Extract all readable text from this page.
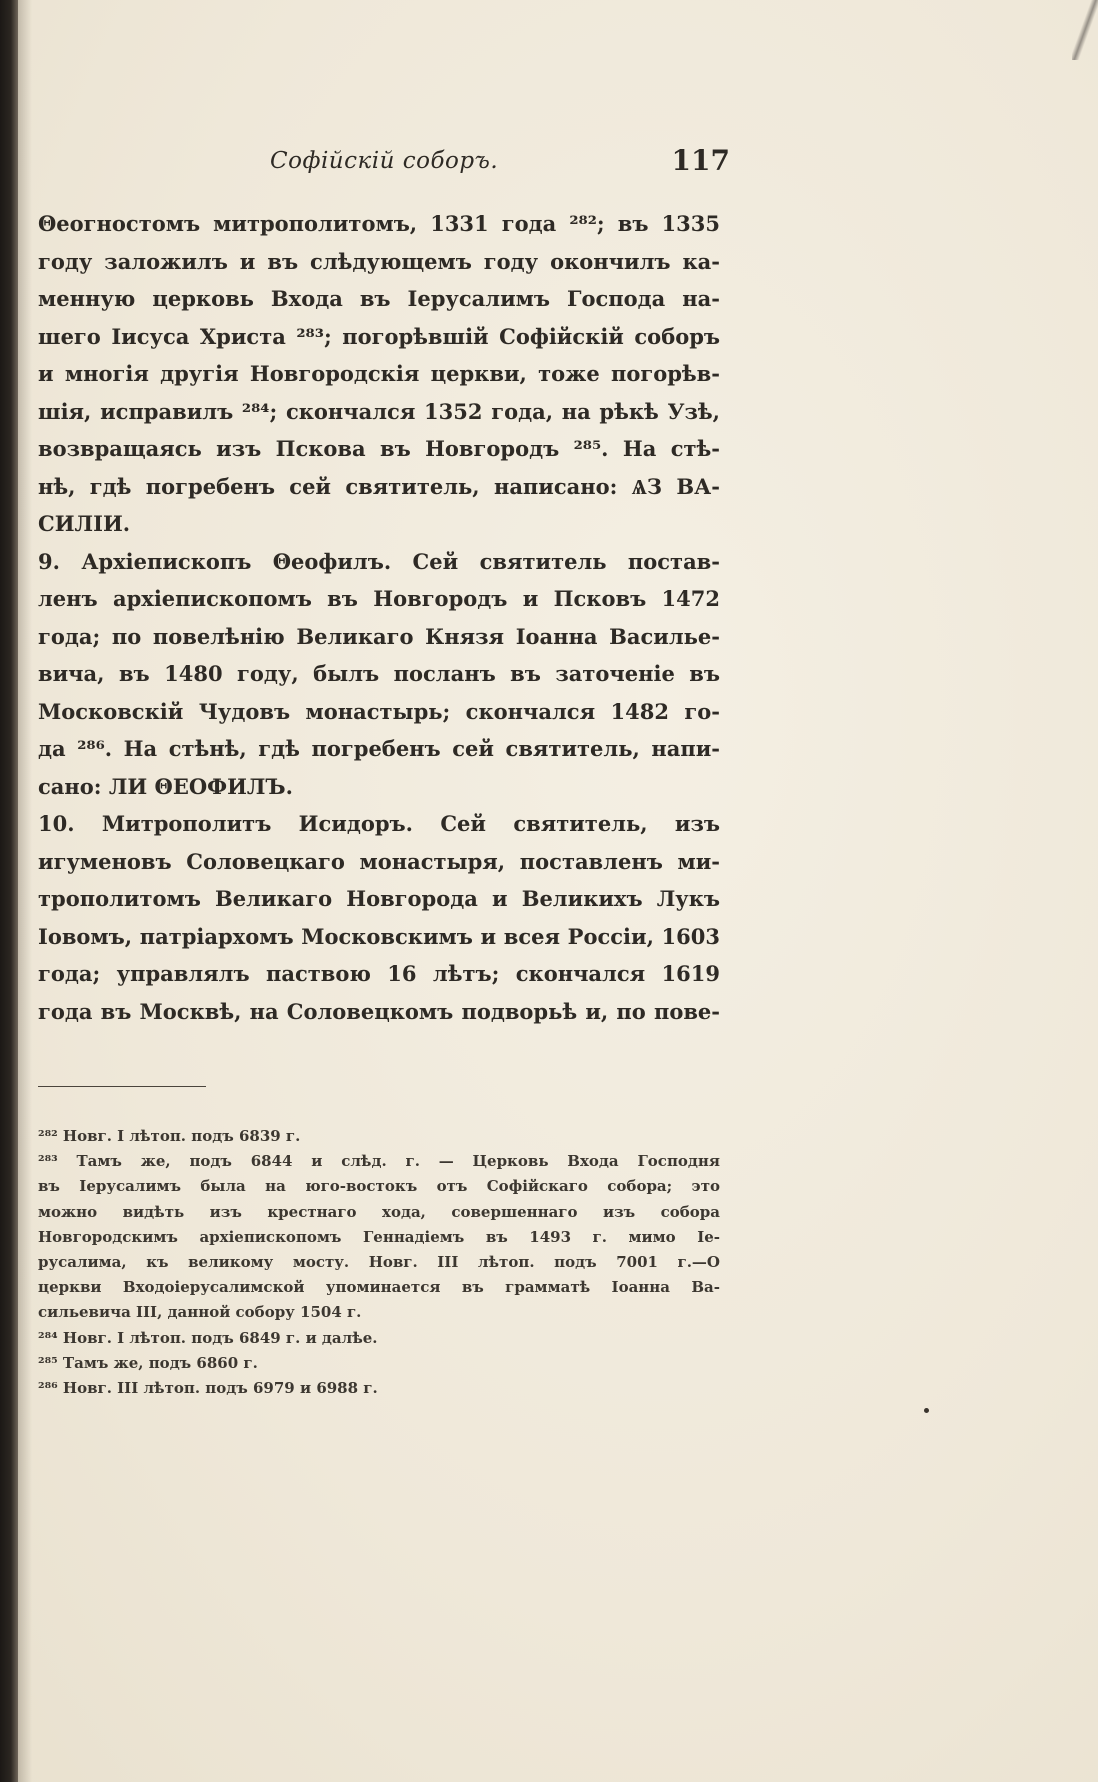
Софійскій соборъ.	117
Θеогностомъ митрополитомъ, 1331 года ²⁸²; въ 1335
году заложилъ и въ слѣдующемъ году окончилъ ка-
менную церковь Входа въ Іерусалимъ Господа на-
шего Іисуса Христа ²⁸³; погорѣвшій Софійскій соборъ
и многія другія Новгородскія церкви, тоже погорѣв-
шія, исправилъ ²⁸⁴; скончался 1352 года, на рѣкѣ Узѣ,
возвращаясь изъ Пскова въ Новгородъ ²⁸⁵. На стѣ-
нѣ, гдѣ погребенъ сей святитель, написано: ѦЗ ВА-
СИЛІИ.
9. Архіепископъ Θеофилъ. Сей святитель постав-
ленъ архіепископомъ въ Новгородъ и Псковъ 1472
года; по повелѣнію Великаго Князя Іоанна Василье-
вича, въ 1480 году, былъ посланъ въ заточеніе въ
Московскій Чудовъ монастырь; скончался 1482 го-
да ²⁸⁶. На стѣнѣ, гдѣ погребенъ сей святитель, напи-
сано: ЛИ ΘЕОФИЛЪ.
10. Митрополитъ Исидоръ. Сей святитель, изъ
игуменовъ Соловецкаго монастыря, поставленъ ми-
трополитомъ Великаго Новгорода и Великихъ Лукъ
Іовомъ, патріархомъ Московскимъ и всея Россіи, 1603
года; управлялъ паствою 16 лѣтъ; скончался 1619
года въ Москвѣ, на Соловецкомъ подворьѣ и, по пове-
²⁸² Новг. I лѣтоп. подъ 6839 г.
²⁸³ Тамъ же, подъ 6844 и слѣд. г. — Церковь Входа Господня
въ Іерусалимъ была на юго-востокъ отъ Софійскаго собора; это
можно видѣть изъ крестнаго хода, совершеннаго изъ собора
Новгородскимъ архіепископомъ Геннадіемъ въ 1493 г. мимо Іе-
русалима, къ великому мосту. Новг. III лѣтоп. подъ 7001 г.—О
церкви Входоіерусалимской упоминается въ грамматѣ Іоанна Ва-
сильевича III, данной собору 1504 г.
²⁸⁴ Новг. I лѣтоп. подъ 6849 г. и далѣе.
²⁸⁵ Тамъ же, подъ 6860 г.
²⁸⁶ Новг. III лѣтоп. подъ 6979 и 6988 г.
